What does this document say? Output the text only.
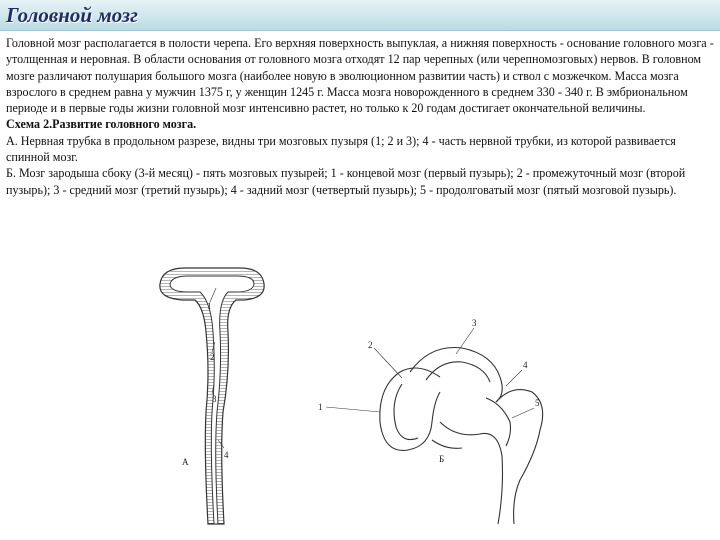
Головной мозг

Головной мозг располагается в полости черепа. Его верхняя поверхность выпуклая, а нижняя поверхность - основание головного мозга - утолщенная и неровная. В области основания от головного мозга отходят 12 пар черепных (или черепномозговых) нервов. В головном мозге различают полушария большого мозга (наиболее новую в эволюционном развитии часть) и ствол с мозжечком. Масса мозга взрослого в среднем равна у мужчин 1375 г, у женщин 1245 г. Масса мозга новорожденного в среднем 330 - 340 г. В эмбриональном периоде и в первые годы жизни головной мозг интенсивно растет, но только к 20 годам достигает окончательной величины.

Схема 2.Развитие головного мозга.

А. Нервная трубка в продольном разрезе, видны три мозговых пузыря (1; 2 и 3); 4 - часть нервной трубки, из которой развивается спинной мозг.

Б. Мозг зародыша сбоку (3-й месяц) - пять мозговых пузырей; 1 - концевой мозг (первый пузырь); 2 - промежуточный мозг (второй пузырь); 3 - средний мозг (третий пузырь); 4 - задний мозг (четвертый пузырь); 5 - продолговатый мозг (пятый мозговой пузырь).

1
2
3
4
А
1
2
3
4
5
Б
